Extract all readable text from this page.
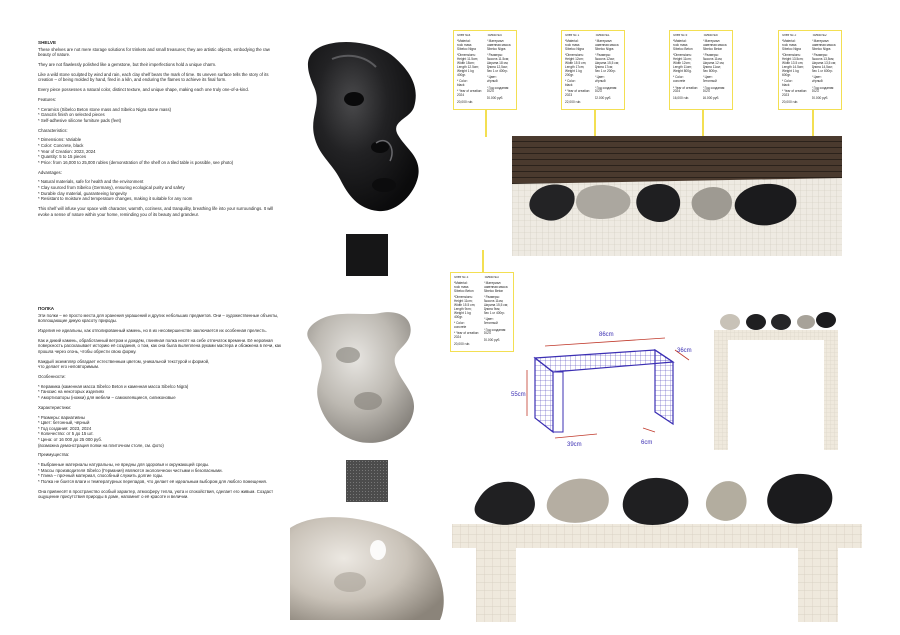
SHELVE

These shelves are not mere storage solutions for trinkets and small treasures; they are artistic objects, embodying the raw beauty of nature.

They are not flawlessly polished like a gemstone, but their imperfections hold a unique charm.

Like a wild stone sculpted by wind and rain, each clay shelf bears the mark of time. Its uneven surface tells the story of its creation – of being molded by hand, fired in a kiln, and enduring the flames to achieve its final form.

Every piece possesses a natural color, distinct texture, and unique shape, making each one truly one-of-a-kind.

Features:

* Ceramics (Sibelco Beton stone mass and Sibelco Nigra stone mass)
* Ganozis finish on selected pieces
* Self-adhesive silicone furniture pads (feet)

Characteristics:

* Dimensions: Variable
* Color: Concrete, black
* Year of Creation: 2023, 2024
* Quantity: 5 to 15 pieces
* Price: from 16,000 to 25,000 rubles (demonstration of the shelf on a tiled table is possible, see photo)

Advantages:

* Natural materials, safe for health and the environment
* Clay sourced from Sibelco (Germany), ensuring ecological purity and safety
* Durable clay material, guaranteeing longevity
* Resistant to moisture and temperature changes, making it suitable for any room

This shelf will infuse your space with character, warmth, coziness, and tranquility, breathing life into your surroundings. It will evoke a sense of nature within your home, reminding you of its beauty and grandeur.

ПОЛКА

Эти полки – не просто места для хранения украшений и других небольших предметов. Они – художественные объекты, воплощающие дикую красоту природы.

Изделия не идеальны, как отполированный камень, но в их несовершенстве заключается их особенная прелесть.

Как и дикий камень, обработанный ветром и дождём, глиняная полка несёт на себе отпечаток времени. Её неровная поверхность рассказывает историю её создания, о том, как она была вылеплена руками мастера и обожжена в печи, как прошла через огонь, чтобы обрести свою форму.

Каждый экземпляр обладает естественным цветом, уникальной текстурой и формой,
что делает его неповторимым.

Особенности:

* Керамика (каменная масса Sibelco Beton и каменная масса Sibelco Nigra)
* Ганозис на некоторых изделиях
* Амортизаторы (ножки) для мебели – самоклеящиеся, силиконовые

Характеристики:

* Размеры: вариативны
* Цвет: бетонный, чёрный
* Год создания: 2023, 2024
* Количество: от 5 до 15 шт.
* Цена: от 16 000 до 25 000 руб.
(возможна демонстрация полки на плиточном столе, см. фото)

Преимущества:

* Выбранные материалы натуральны, не вредны для здоровья и окружающей среды.
* Массы производителя Sibelco (Германия) являются экологически чистыми и безопасными.
* Глина – прочный материал, способный служить долгие годы.
* Полка не боится влаги и температурных перепадов, что делает её идеальным выбором для любого помещения.

Она привнесёт в пространство особый характер, атмосферу тепла, уюта и спокойствия, сделает его живым. Создаст ощущение присутствия природы в доме, напомнит о её красоте и величии.

Shelf №4

*Material:
rock mass
Sibelco Nigra

*Dimensions:
Height 11.5cm;
Width 18cm;
Length 12.5cm;
Weight 1 kg 400gr.

* Color:
black

* Year of creation:
2024

20,000 rub.

Полка №4

* Материал:
каменная масса
Sibelco Nigra

* Размеры:
Высота 11.5см;
Ширина 18 см;
Длина 12,5см;
Вес 1 кг 400гр.

* Цвет:
чёрный

* Год создания:
2024

20.000 руб.

Shelf № 1

*Material:
rock mass
Sibelco Nigra

*Dimensions:
Height 12cm;
Width 15.5 cm;
Length 17cm;
Weight 1 kg 200gr.

* Color:
black

* Year of creation:
2023

22,000 rub.

Полка №1

* Материал:
каменная масса
Sibelco Nigra

* Размеры:
Высота 12см;
Ширина 15,5 см;
Длина 17см;
Вес 1 кг 200гр.

* Цвет:
чёрный

* Год создания:
2023

22.000 руб.

Shelf № 5

*Material:
rock mass
Sibelco Beton

*Dimensions:
Height 11cm;
Width 12cm;
Length 11cm;
Weight 800g.

* Color:
concrete

* Year of creation:
2024

16,000 rub.

Полка №5

* Материал:
каменная масса
Sibelco Beton

* Размеры:
Высота 11см;
Ширина 12 см;
Длина 11см;
Вес 800гр.

* Цвет:
бетонный

* Год создания:
2024

16.000 руб.

Shelf № 2

*Material:
rock mass
Sibelco Nigra

*Dimensions:
Height 13.5cm;
Width 13.5 cm;
Length 14.5cm;
Weight 1 kg 600gr.

* Color:
black

* Year of creation:
2023

20,000 rub.

Полка №2

* Материал:
каменная масса
Sibelco Nigra

* Размеры:
Высота 13,5см;
Ширина 13,5 см;
Длина 14,5см;
Вес 1 кг 600гр.

* Цвет:
чёрный

* Год создания:
2023

20.000 руб.

Shelf № 3

*Material:
rock mass
Sibelco Beton

*Dimensions:
Height 11cm;
Width 15.5 cm;
Length 9cm;
Weight 1 kg 400gr.

* Color:
concrete

* Year of creation:
2024

20,000 rub.

Полка №3

* Материал:
каменная масса
Sibelco Beton

* Размеры:
Высота 11см;
Ширина 15,5 см;
Длина 9см;
Вес 1 кг 400гр.

* Цвет:
бетонный

* Год создания:
2024

20.000 руб.

86cm
36cm
55cm
39cm	6cm
